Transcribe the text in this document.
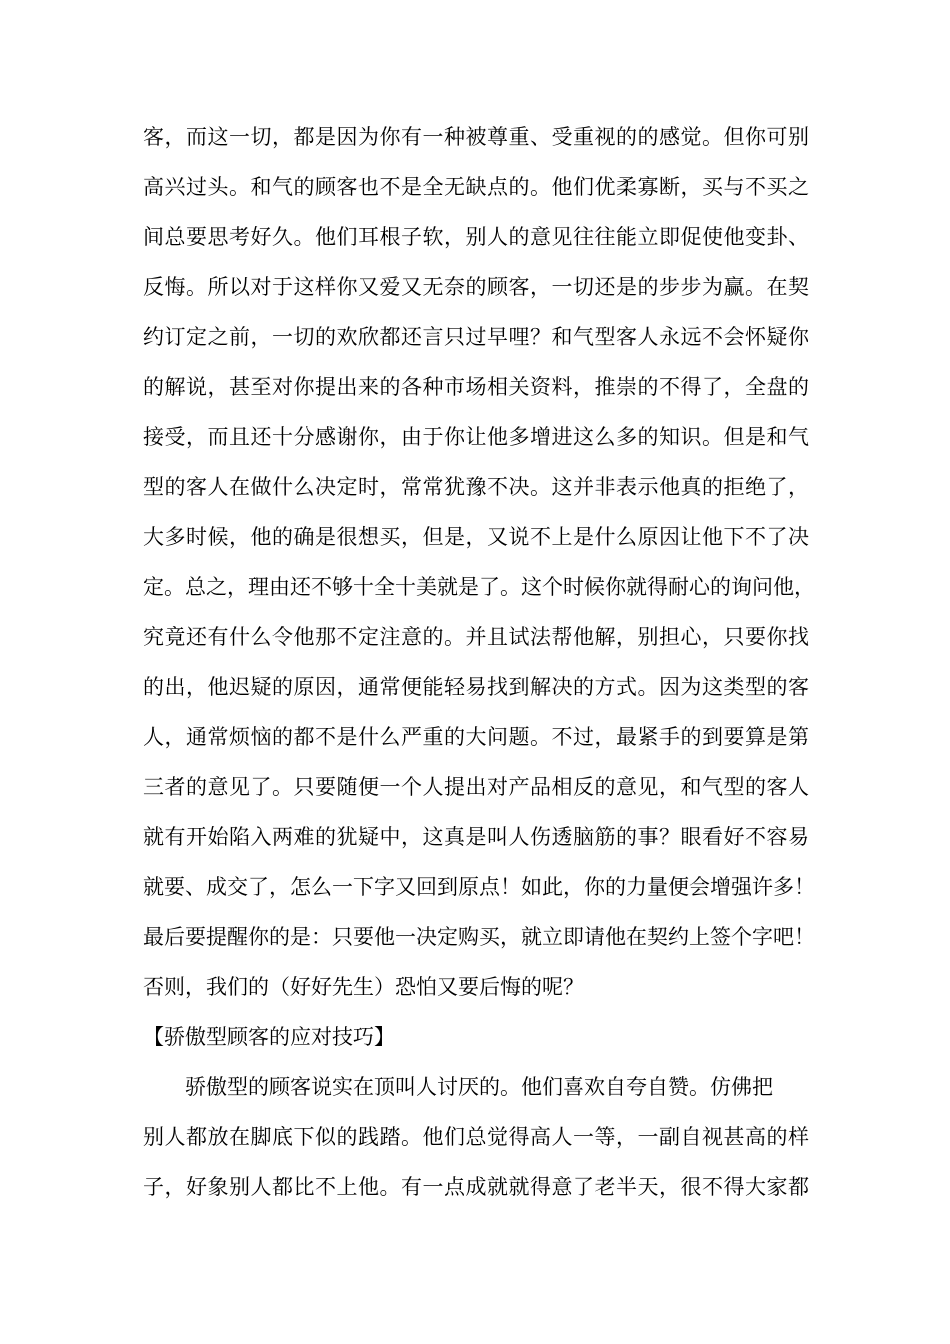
客，而这一切，都是因为你有一种被尊重、受重视的的感觉。但你可别
高兴过头。和气的顾客也不是全无缺点的。他们优柔寡断，买与不买之
间总要思考好久。他们耳根子软，别人的意见往往能立即促使他变卦、
反悔。所以对于这样你又爱又无奈的顾客，一切还是的步步为赢。在契
约订定之前，一切的欢欣都还言只过早哩？和气型客人永远不会怀疑你
的解说，甚至对你提出来的各种市场相关资料，推崇的不得了，全盘的
接受，而且还十分感谢你，由于你让他多增进这么多的知识。但是和气
型的客人在做什么决定时，常常犹豫不决。这并非表示他真的拒绝了，
大多时候，他的确是很想买，但是，又说不上是什么原因让他下不了决
定。总之，理由还不够十全十美就是了。这个时候你就得耐心的询问他，
究竟还有什么令他那不定注意的。并且试法帮他解，别担心，只要你找
的出，他迟疑的原因，通常便能轻易找到解决的方式。因为这类型的客
人，通常烦恼的都不是什么严重的大问题。不过，最紧手的到要算是第
三者的意见了。只要随便一个人提出对产品相反的意见，和气型的客人
就有开始陷入两难的犹疑中，这真是叫人伤透脑筋的事？眼看好不容易
就要、成交了，怎么一下字又回到原点！如此，你的力量便会增强许多！
最后要提醒你的是：只要他一决定购买，就立即请他在契约上签个字吧！
否则，我们的（好好先生）恐怕又要后悔的呢？
【骄傲型顾客的应对技巧】
骄傲型的顾客说实在顶叫人讨厌的。他们喜欢自夸自赞。仿佛把
别人都放在脚底下似的践踏。他们总觉得高人一等，一副自视甚高的样
子，好象别人都比不上他。有一点成就就得意了老半天，很不得大家都
